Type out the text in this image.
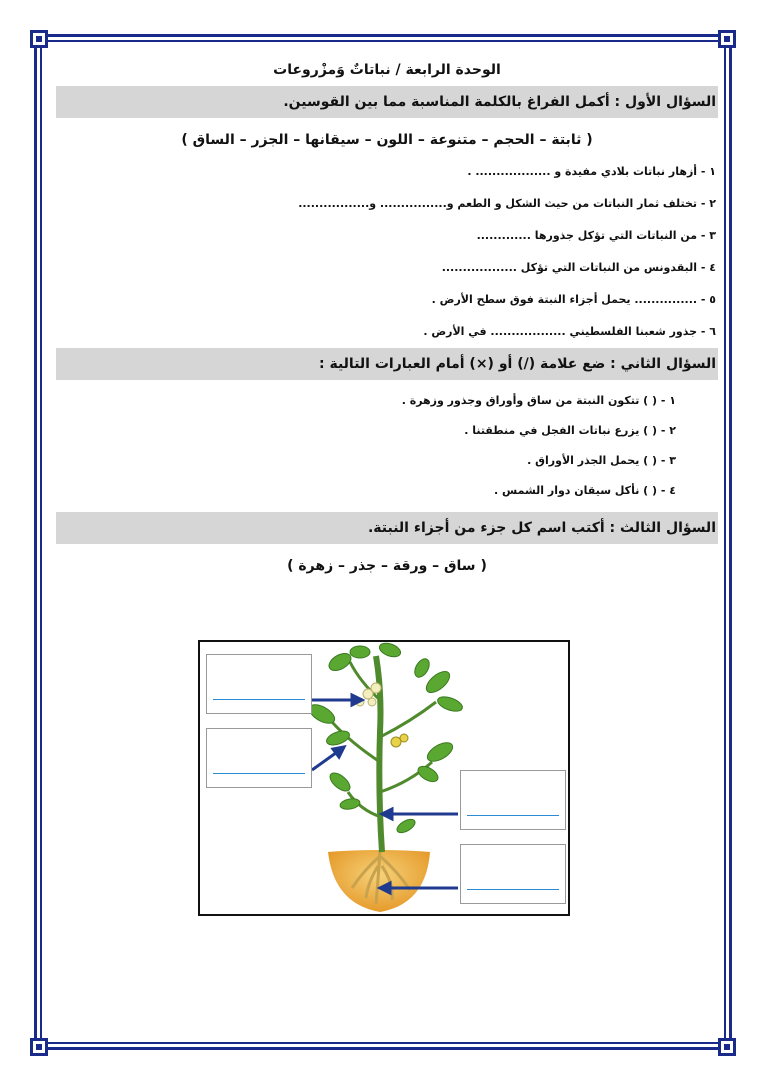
الوحدة الرابعة / نباتاتٌ وَمزْروعات
السؤال الأول : أكمل الفراغ بالكلمة المناسبة مما بين القوسين.
( ثابتة – الحجم – متنوعة – اللون – سيقانها – الجزر – الساق )
١ - أزهار نباتات بلادي مفيدة و .................. .
٢ - تختلف ثمار النباتات من حيث الشكل و الطعم و................ و.................
٣ - من النباتات التي تؤكل جذورها .............
٤ - البقدونس من النباتات التي تؤكل ..................
٥ - ............... يحمل أجزاء النبتة فوق سطح الأرض .
٦ - جذور شعبنا الفلسطيني .................. في الأرض .
السؤال الثاني : ضع علامة (/) أو (×) أمام العبارات التالية :
١ - ( ) تتكون النبتة من ساق وأوراق وجذور وزهرة .
٢ - ( ) يزرع نباتات الفجل في منطقتنا .
٣ - ( ) يحمل الجذر الأوراق .
٤ - ( ) نأكل سيقان دوار الشمس .
السؤال الثالث : أكتب اسم كل جزء من أجزاء النبتة.
( ساق – ورقة – جذر – زهرة )
